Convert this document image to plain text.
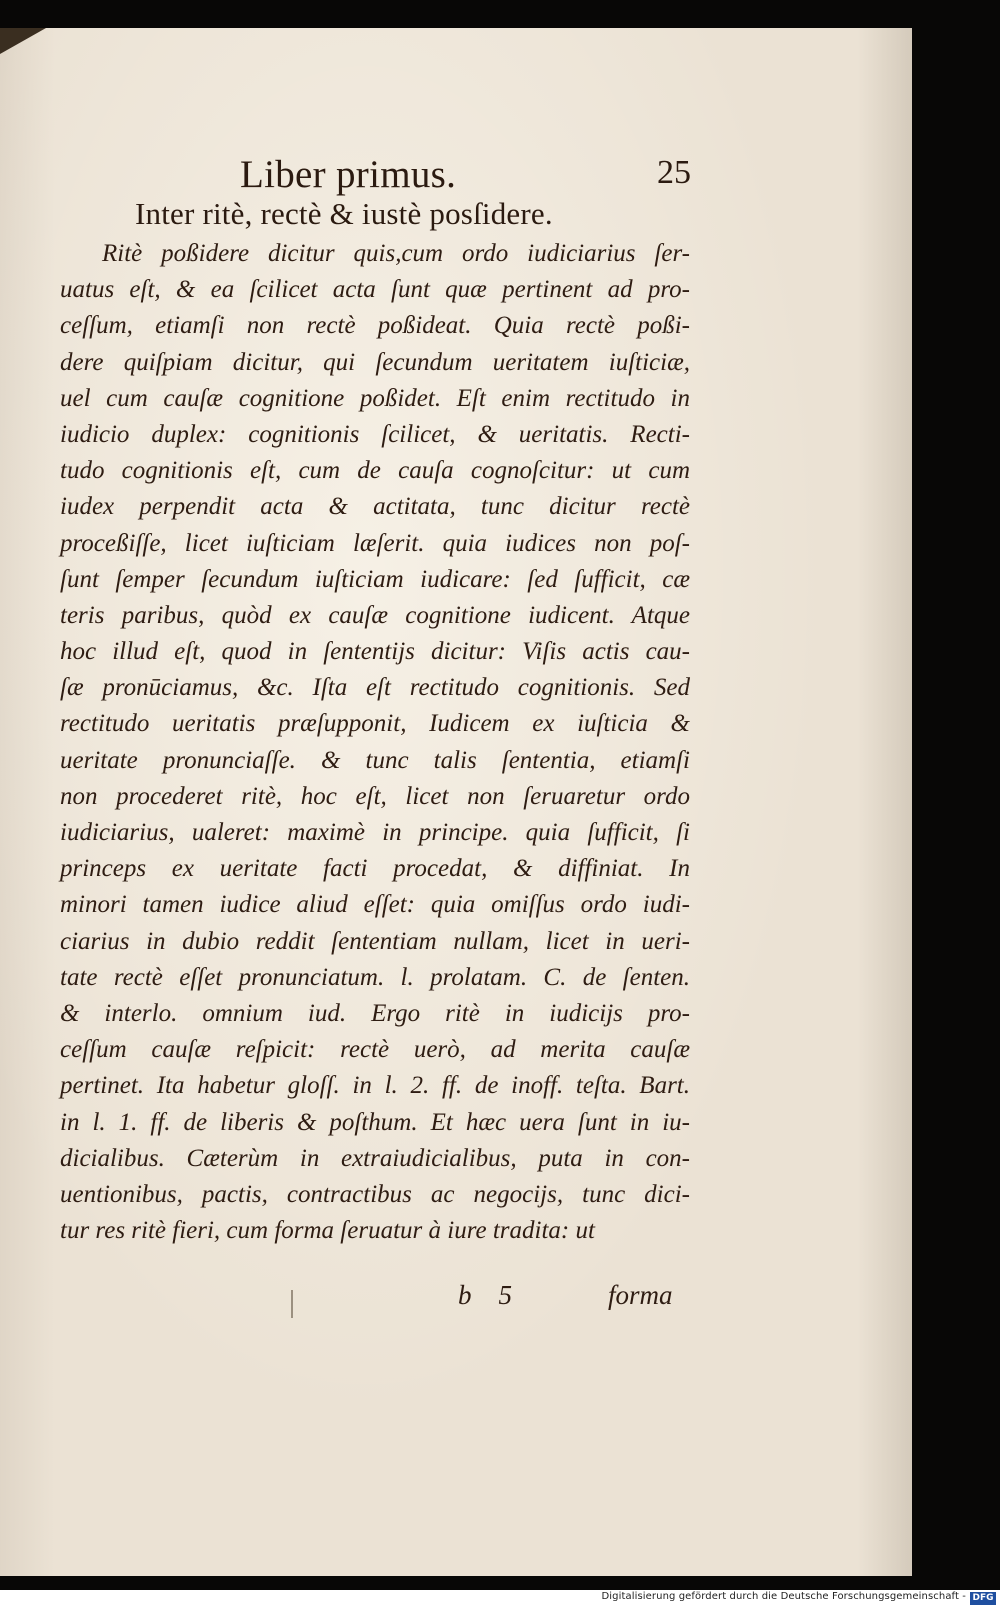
Liber primus.	25
Inter ritè, rectè & iustè posſidere.
Ritè poßidere dicitur quis,cum ordo iudiciarius ſer-
uatus eſt, & ea ſcilicet acta ſunt quæ pertinent ad pro-
ceſſum, etiamſi non rectè poßideat. Quia rectè poßi-
dere quiſpiam dicitur, qui ſecundum ueritatem iuſticiæ,
uel cum cauſæ cognitione poßidet. Eſt enim rectitudo in
iudicio duplex: cognitionis ſcilicet, & ueritatis. Recti-
tudo cognitionis eſt, cum de cauſa cognoſcitur: ut cum
iudex perpendit acta & actitata, tunc dicitur rectè
proceßiſſe, licet iuſticiam læſerit. quia iudices non poſ-
ſunt ſemper ſecundum iuſticiam iudicare: ſed ſufficit, cæ
teris paribus, quòd ex cauſæ cognitione iudicent. Atque
hoc illud eſt, quod in ſententijs dicitur: Viſis actis cau-
ſæ pronūciamus, &c. Iſta eſt rectitudo cognitionis. Sed
rectitudo ueritatis præſupponit, Iudicem ex iuſticia &
ueritate pronunciaſſe. & tunc talis ſententia, etiamſi
non procederet ritè, hoc eſt, licet non ſeruaretur ordo
iudiciarius, ualeret: maximè in principe. quia ſufficit, ſi
princeps ex ueritate facti procedat, & diffiniat. In
minori tamen iudice aliud eſſet: quia omiſſus ordo iudi-
ciarius in dubio reddit ſententiam nullam, licet in ueri-
tate rectè eſſet pronunciatum. l. prolatam. C. de ſenten.
& interlo. omnium iud. Ergo ritè in iudicijs pro-
ceſſum cauſæ reſpicit: rectè uerò, ad merita cauſæ
pertinet. Ita habetur gloſſ. in l. 2. ff. de inoff. teſta. Bart.
in l. 1. ff. de liberis & poſthum. Et hæc uera ſunt in iu-
dicialibus. Cæterùm in extraiudicialibus, puta in con-
uentionibus, pactis, contractibus ac negocijs, tunc dici-
tur res ritè fieri, cum forma ſeruatur à iure tradita: ut
b 5	forma
Digitalisierung gefördert durch die Deutsche Forschungsgemeinschaft - DFG
